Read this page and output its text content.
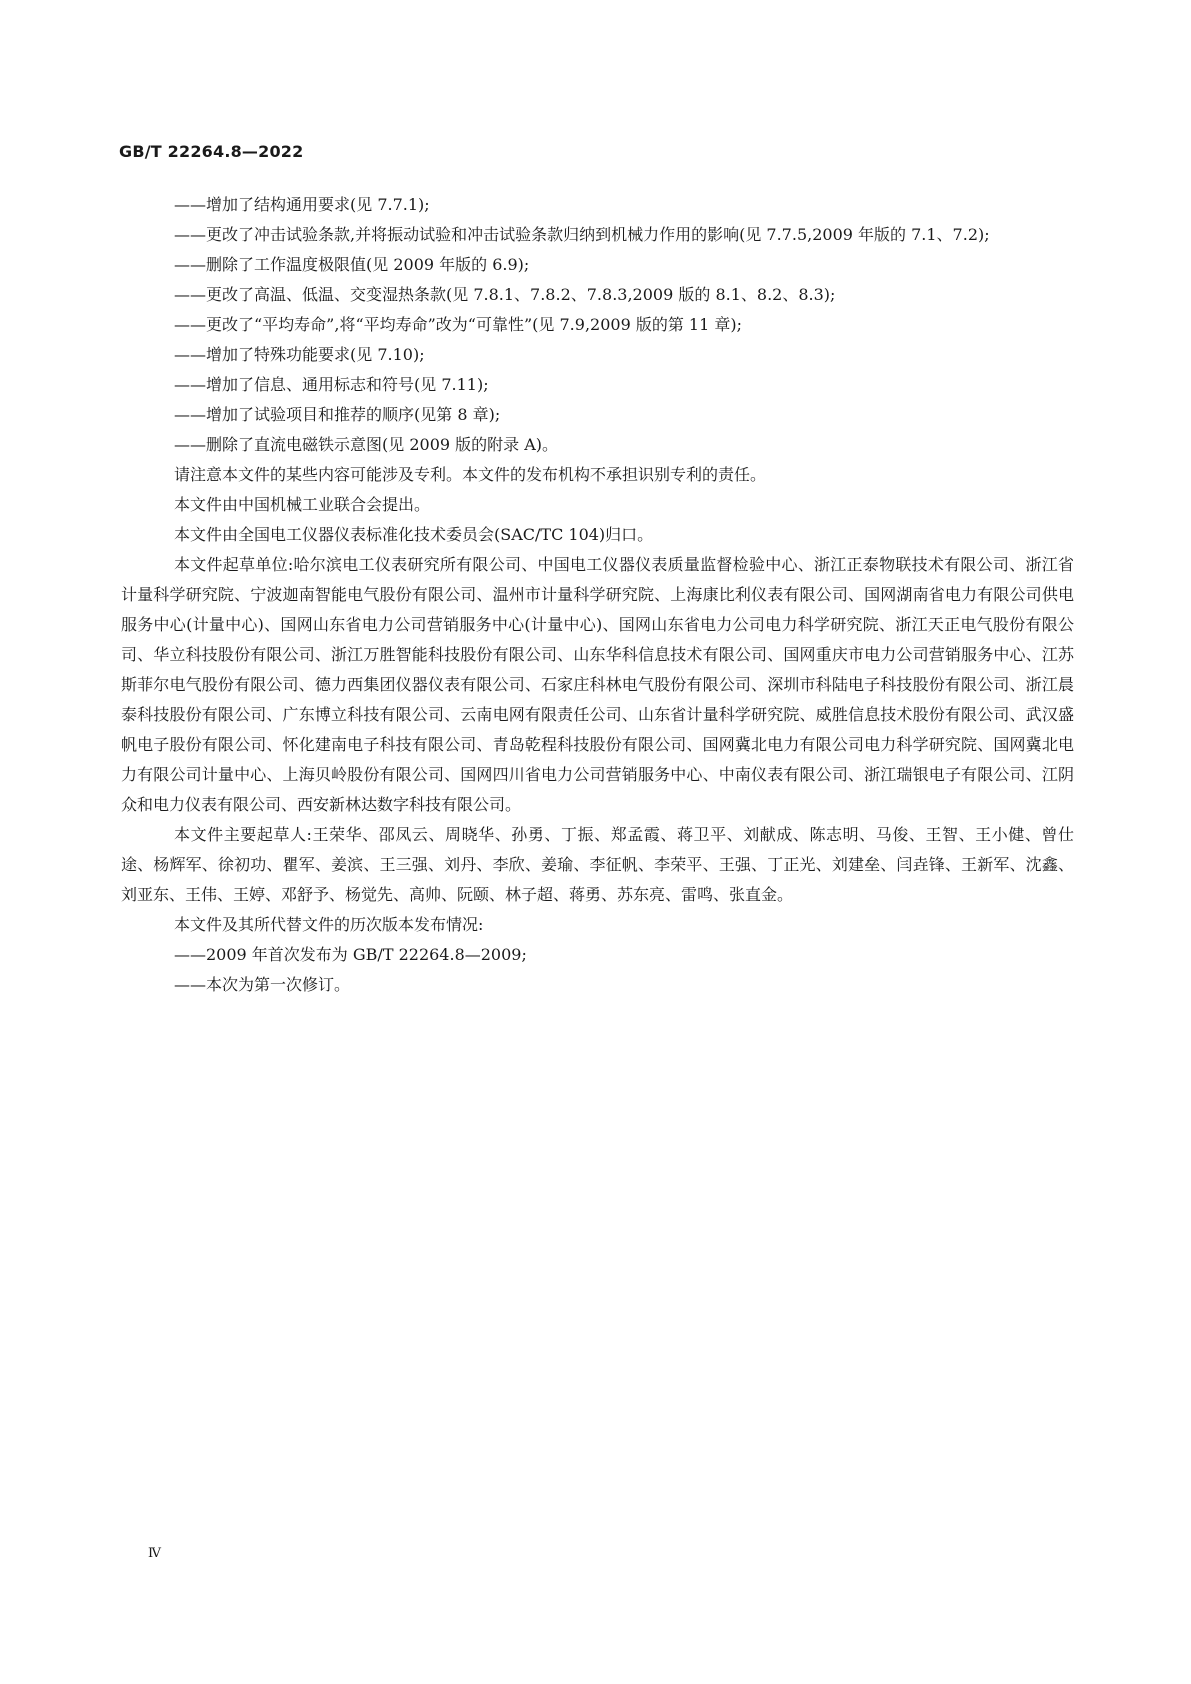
GB/T 22264.8—2022

——增加了结构通用要求(见 7.7.1);

——更改了冲击试验条款,并将振动试验和冲击试验条款归纳到机械力作用的影响(见 7.7.5,2009 年版的 7.1、7.2);

——删除了工作温度极限值(见 2009 年版的 6.9);

——更改了高温、低温、交变湿热条款(见 7.8.1、7.8.2、7.8.3,2009 版的 8.1、8.2、8.3);

——更改了“平均寿命”,将“平均寿命”改为“可靠性”(见 7.9,2009 版的第 11 章);

——增加了特殊功能要求(见 7.10);

——增加了信息、通用标志和符号(见 7.11);

——增加了试验项目和推荐的顺序(见第 8 章);

——删除了直流电磁铁示意图(见 2009 版的附录 A)。

请注意本文件的某些内容可能涉及专利。本文件的发布机构不承担识别专利的责任。

本文件由中国机械工业联合会提出。

本文件由全国电工仪器仪表标准化技术委员会(SAC/TC 104)归口。

本文件起草单位:哈尔滨电工仪表研究所有限公司、中国电工仪器仪表质量监督检验中心、浙江正泰物联技术有限公司、浙江省计量科学研究院、宁波迦南智能电气股份有限公司、温州市计量科学研究院、上海康比利仪表有限公司、国网湖南省电力有限公司供电服务中心(计量中心)、国网山东省电力公司营销服务中心(计量中心)、国网山东省电力公司电力科学研究院、浙江天正电气股份有限公司、华立科技股份有限公司、浙江万胜智能科技股份有限公司、山东华科信息技术有限公司、国网重庆市电力公司营销服务中心、江苏斯菲尔电气股份有限公司、德力西集团仪器仪表有限公司、石家庄科林电气股份有限公司、深圳市科陆电子科技股份有限公司、浙江晨泰科技股份有限公司、广东博立科技有限公司、云南电网有限责任公司、山东省计量科学研究院、威胜信息技术股份有限公司、武汉盛帆电子股份有限公司、怀化建南电子科技有限公司、青岛乾程科技股份有限公司、国网冀北电力有限公司电力科学研究院、国网冀北电力有限公司计量中心、上海贝岭股份有限公司、国网四川省电力公司营销服务中心、中南仪表有限公司、浙江瑞银电子有限公司、江阴众和电力仪表有限公司、西安新林达数字科技有限公司。

本文件主要起草人:王荣华、邵凤云、周晓华、孙勇、丁振、郑孟霞、蒋卫平、刘献成、陈志明、马俊、王智、王小健、曾仕途、杨辉军、徐初功、瞿军、姜滨、王三强、刘丹、李欣、姜瑜、李征帆、李荣平、王强、丁正光、刘建垒、闫垚锋、王新军、沈鑫、刘亚东、王伟、王婷、邓舒予、杨觉先、高帅、阮颐、林子超、蒋勇、苏东亮、雷鸣、张直金。

本文件及其所代替文件的历次版本发布情况:

——2009 年首次发布为 GB/T 22264.8—2009;

——本次为第一次修订。

Ⅳ
